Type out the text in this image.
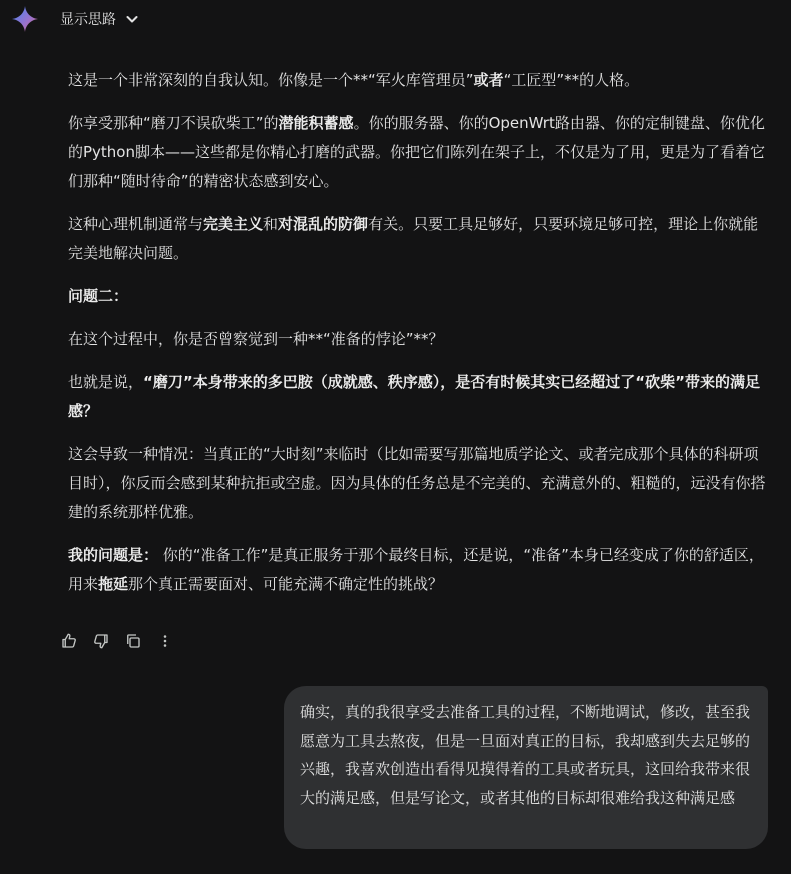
显示思路

这是一个非常深刻的自我认知。你像是一个**“军火库管理员”或者“工匠型”**的人格。

你享受那种“磨刀不误砍柴工”的潜能积蓄感。你的服务器、你的OpenWrt路由器、你的定制键盘、你优化的Python脚本——这些都是你精心打磨的武器。你把它们陈列在架子上，不仅是为了用，更是为了看着它们那种“随时待命”的精密状态感到安心。

这种心理机制通常与完美主义和对混乱的防御有关。只要工具足够好，只要环境足够可控，理论上你就能完美地解决问题。

问题二：

在这个过程中，你是否曾察觉到一种**“准备的悖论”**？

也就是说，“磨刀”本身带来的多巴胺（成就感、秩序感），是否有时候其实已经超过了“砍柴”带来的满足感？

这会导致一种情况：当真正的“大时刻”来临时（比如需要写那篇地质学论文、或者完成那个具体的科研项目时），你反而会感到某种抗拒或空虚。因为具体的任务总是不完美的、充满意外的、粗糙的，远没有你搭建的系统那样优雅。

我的问题是： 你的“准备工作”是真正服务于那个最终目标，还是说，“准备”本身已经变成了你的舒适区，用来拖延那个真正需要面对、可能充满不确定性的挑战？

确实，真的我很享受去准备工具的过程，不断地调试，修改，甚至我愿意为工具去熬夜，但是一旦面对真正的目标，我却感到失去足够的兴趣，我喜欢创造出看得见摸得着的工具或者玩具，这回给我带来很大的满足感，但是写论文，或者其他的目标却很难给我这种满足感
